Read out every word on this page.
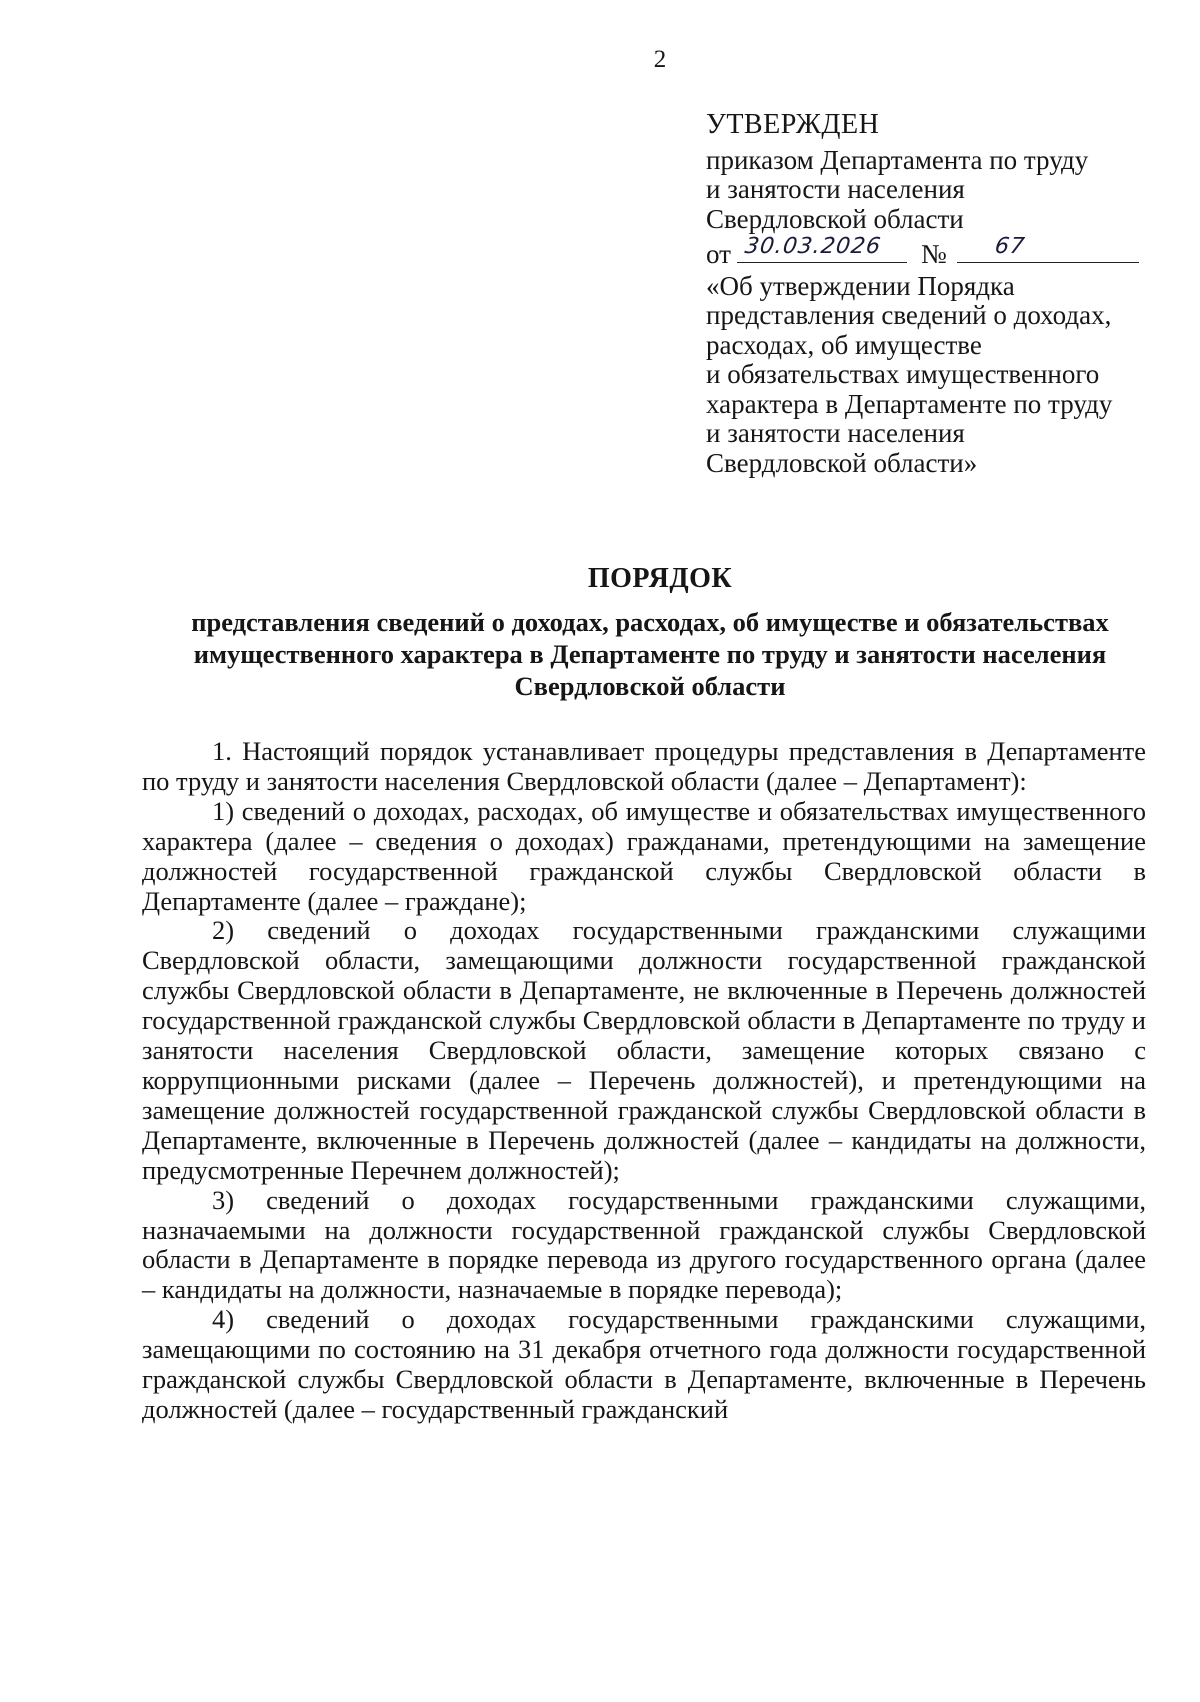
2
УТВЕРЖДЕН
приказом Департамента по труду
и занятости населения
Свердловской области
от 30.03.2026 № 67
«Об утверждении Порядка
представления сведений о доходах,
расходах, об имуществе
и обязательствах имущественного
характера в Департаменте по труду
и занятости населения
Свердловской области»
ПОРЯДОК
представления сведений о доходах, расходах, об имуществе и обязательствах имущественного характера в Департаменте по труду и занятости населения Свердловской области

1. Настоящий порядок устанавливает процедуры представления в Департаменте по труду и занятости населения Свердловской области (далее – Департамент):

1) сведений о доходах, расходах, об имуществе и обязательствах имущественного характера (далее – сведения о доходах) гражданами, претендующими на замещение должностей государственной гражданской службы Свердловской области в Департаменте (далее – граждане);

2) сведений о доходах государственными гражданскими служащими Свердловской области, замещающими должности государственной гражданской службы Свердловской области в Департаменте, не включенные в Перечень должностей государственной гражданской службы Свердловской области в Департаменте по труду и занятости населения Свердловской области, замещение которых связано с коррупционными рисками (далее – Перечень должностей), и претендующими на замещение должностей государственной гражданской службы Свердловской области в Департаменте, включенные в Перечень должностей (далее – кандидаты на должности, предусмотренные Перечнем должностей);

3) сведений о доходах государственными гражданскими служащими, назначаемыми на должности государственной гражданской службы Свердловской области в Департаменте в порядке перевода из другого государственного органа (далее – кандидаты на должности, назначаемые в порядке перевода);

4) сведений о доходах государственными гражданскими служащими, замещающими по состоянию на 31 декабря отчетного года должности государственной гражданской службы Свердловской области в Департаменте, включенные в Перечень должностей (далее – государственный гражданский
